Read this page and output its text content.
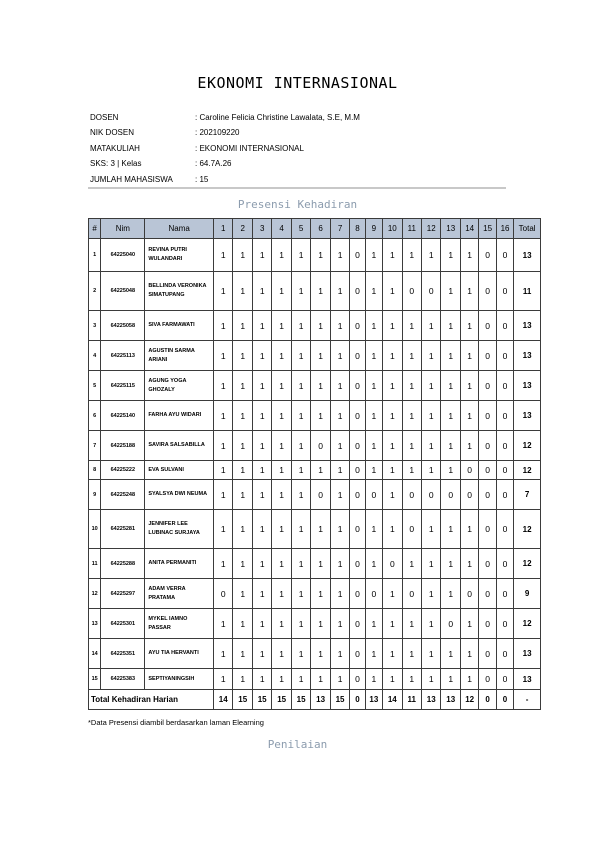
EKONOMI INTERNASIONAL
DOSEN	: Caroline Felicia Christine Lawalata, S.E, M.M
NIK DOSEN	: 202109220
MATAKULIAH	: EKONOMI INTERNASIONAL
SKS: 3 | Kelas	: 64.7A.26
JUMLAH MAHASISWA	: 15
Presensi Kehadiran
#	Nim	Nama	1	2	3	4	5	6	7	8	9	10	11	12	13	14	15	16	Total
1	64225040	REVINA PUTRI WULANDARI	1	1	1	1	1	1	1	0	1	1	1	1	1	1	0	0	13
2	64225048	BELLINDA VERONIKA SIMATUPANG	1	1	1	1	1	1	1	0	1	1	0	0	1	1	0	0	11
3	64225058	SIVA FARMAWATI	1	1	1	1	1	1	1	0	1	1	1	1	1	1	0	0	13
4	64225113	AGUSTIN SARMA ARIANI	1	1	1	1	1	1	1	0	1	1	1	1	1	1	0	0	13
5	64225115	AGUNG YOGA GHOZALY	1	1	1	1	1	1	1	0	1	1	1	1	1	1	0	0	13
6	64225140	FARHA AYU WIDARI	1	1	1	1	1	1	1	0	1	1	1	1	1	1	0	0	13
7	64225188	SAVIRA SALSABILLA	1	1	1	1	1	0	1	0	1	1	1	1	1	1	0	0	12
8	64225222	EVA SULVANI	1	1	1	1	1	1	1	0	1	1	1	1	1	0	0	0	12
9	64225248	SYALSYA DWI NEUMA	1	1	1	1	1	0	1	0	0	1	0	0	0	0	0	0	7
10	64225281	JENNIFER LEE LUBINAC SURJAYA	1	1	1	1	1	1	1	0	1	1	0	1	1	1	0	0	12
11	64225288	ANITA PERMANITI	1	1	1	1	1	1	1	0	1	0	1	1	1	1	0	0	12
12	64225297	ADAM VERRA PRATAMA	0	1	1	1	1	1	1	0	0	1	0	1	1	0	0	0	9
13	64225301	MYKEL IAMNO PASSAR	1	1	1	1	1	1	1	0	1	1	1	1	0	1	0	0	12
14	64225351	AYU TIA HERVANTI	1	1	1	1	1	1	1	0	1	1	1	1	1	1	0	0	13
15	64225383	SEPTIYANINGSIH	1	1	1	1	1	1	1	0	1	1	1	1	1	1	0	0	13
Total Kehadiran Harian			14	15	15	15	15	13	15	0	13	14	11	13	13	12	0	0	-
*Data Presensi diambil berdasarkan laman Elearning
Penilaian
